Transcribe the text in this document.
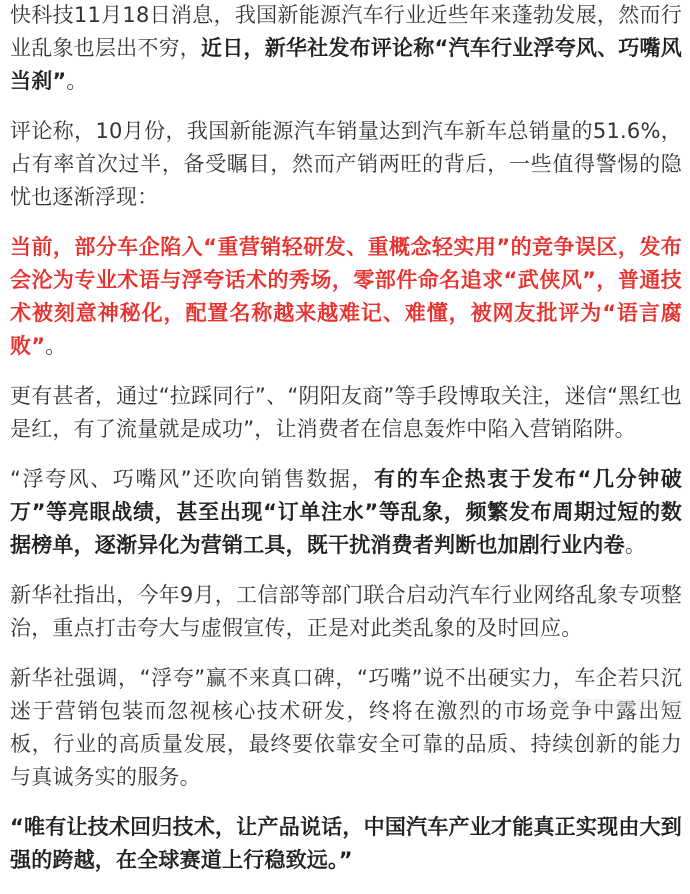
快科技11月18日消息，我国新能源汽车行业近些年来蓬勃发展，然而行业乱象也层出不穷，近日，新华社发布评论称“汽车行业浮夸风、巧嘴风当刹”。

评论称，10月份，我国新能源汽车销量达到汽车新车总销量的51.6%，占有率首次过半，备受瞩目，然而产销两旺的背后，一些值得警惕的隐忧也逐渐浮现：

当前，部分车企陷入“重营销轻研发、重概念轻实用”的竞争误区，发布会沦为专业术语与浮夸话术的秀场，零部件命名追求“武侠风”，普通技术被刻意神秘化，配置名称越来越难记、难懂，被网友批评为“语言腐败”。

更有甚者，通过“拉踩同行”、“阴阳友商”等手段博取关注，迷信“黑红也是红，有了流量就是成功”，让消费者在信息轰炸中陷入营销陷阱。

“浮夸风、巧嘴风”还吹向销售数据，有的车企热衷于发布“几分钟破万”等亮眼战绩，甚至出现“订单注水”等乱象，频繁发布周期过短的数据榜单，逐渐异化为营销工具，既干扰消费者判断也加剧行业内卷。

新华社指出，今年9月，工信部等部门联合启动汽车行业网络乱象专项整治，重点打击夸大与虚假宣传，正是对此类乱象的及时回应。

新华社强调，“浮夸”赢不来真口碑，“巧嘴”说不出硬实力，车企若只沉迷于营销包装而忽视核心技术研发，终将在激烈的市场竞争中露出短板，行业的高质量发展，最终要依靠安全可靠的品质、持续创新的能力与真诚务实的服务。

“唯有让技术回归技术，让产品说话，中国汽车产业才能真正实现由大到强的跨越，在全球赛道上行稳致远。”
